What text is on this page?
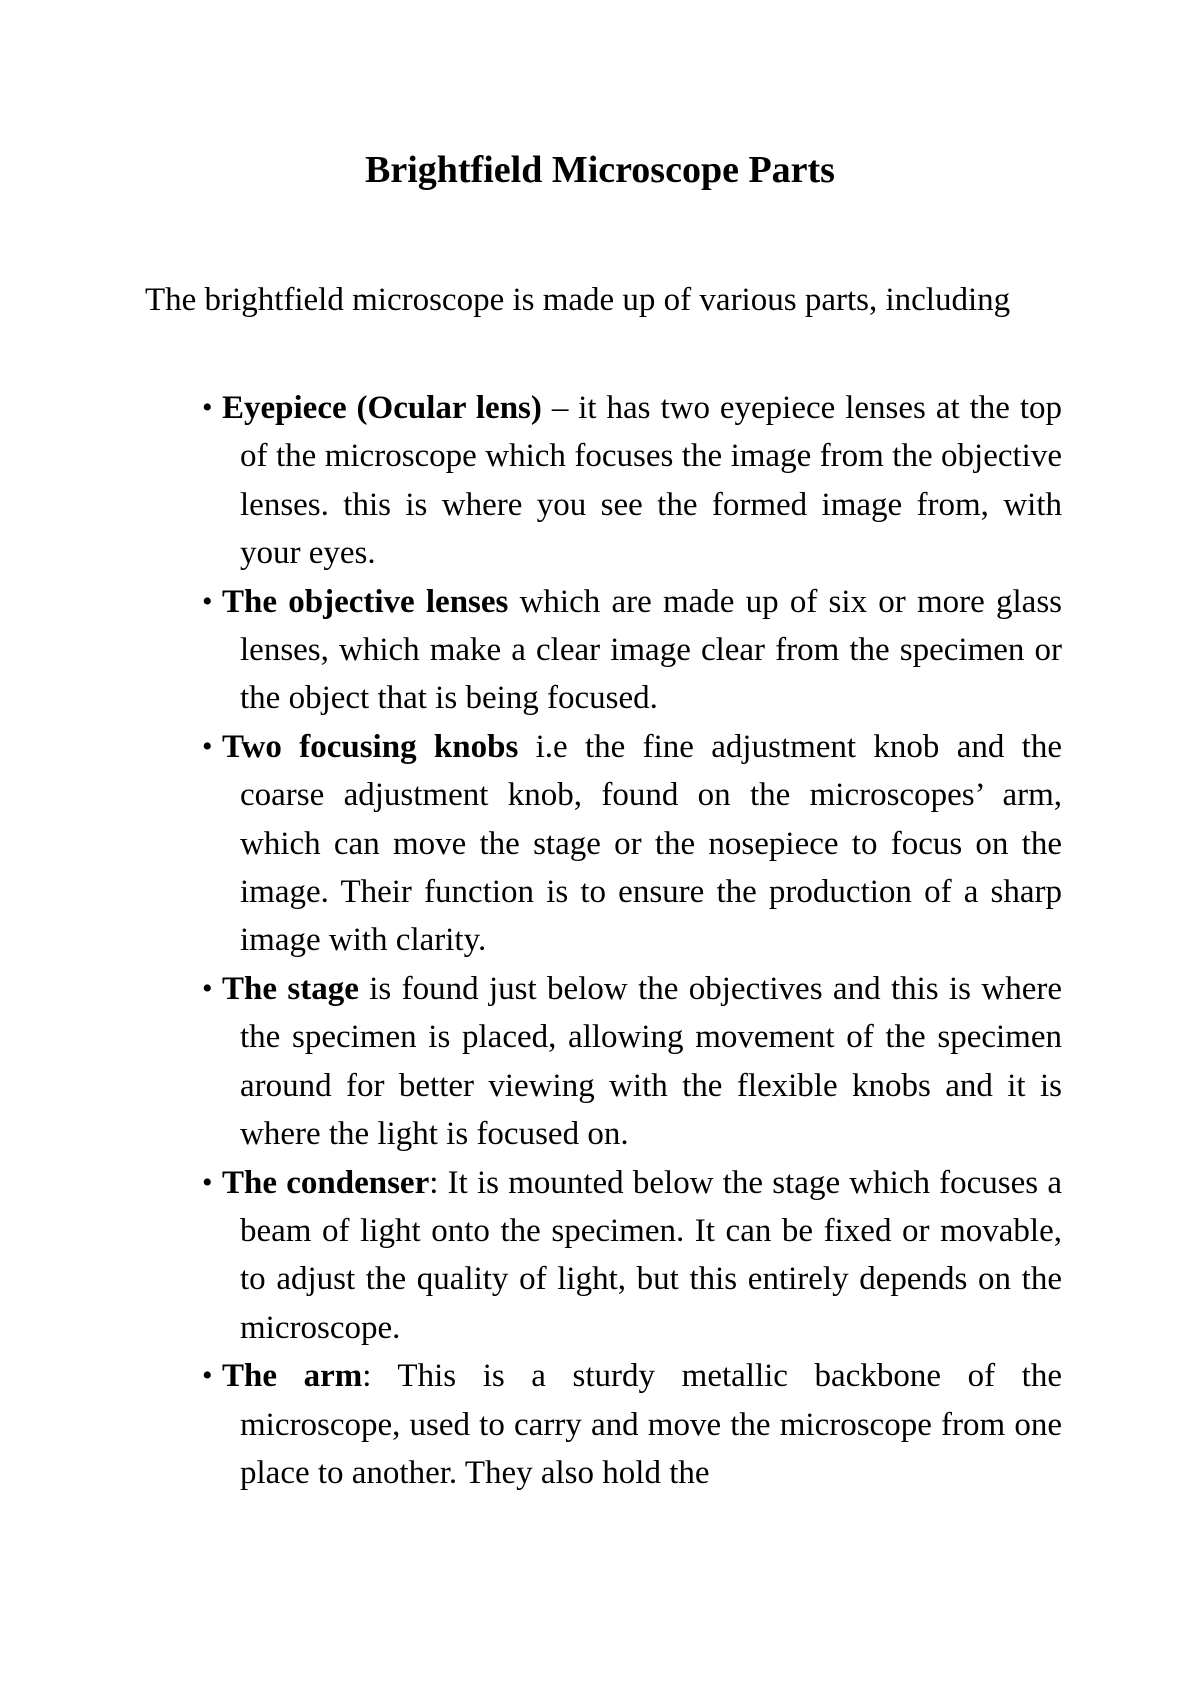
Brightfield Microscope Parts

The brightfield microscope is made up of various parts, including

• Eyepiece (Ocular lens) – it has two eyepiece lenses at the top of the microscope which focuses the image from the objective lenses. this is where you see the formed image from, with your eyes.
• The objective lenses which are made up of six or more glass lenses, which make a clear image clear from the specimen or the object that is being focused.
• Two focusing knobs i.e the fine adjustment knob and the coarse adjustment knob, found on the microscopes’ arm, which can move the stage or the nosepiece to focus on the image. Their function is to ensure the production of a sharp image with clarity.
• The stage is found just below the objectives and this is where the specimen is placed, allowing movement of the specimen around for better viewing with the flexible knobs and it is where the light is focused on.
• The condenser: It is mounted below the stage which focuses a beam of light onto the specimen. It can be fixed or movable, to adjust the quality of light, but this entirely depends on the microscope.
• The arm: This is a sturdy metallic backbone of the microscope, used to carry and move the microscope from one place to another. They also hold the
